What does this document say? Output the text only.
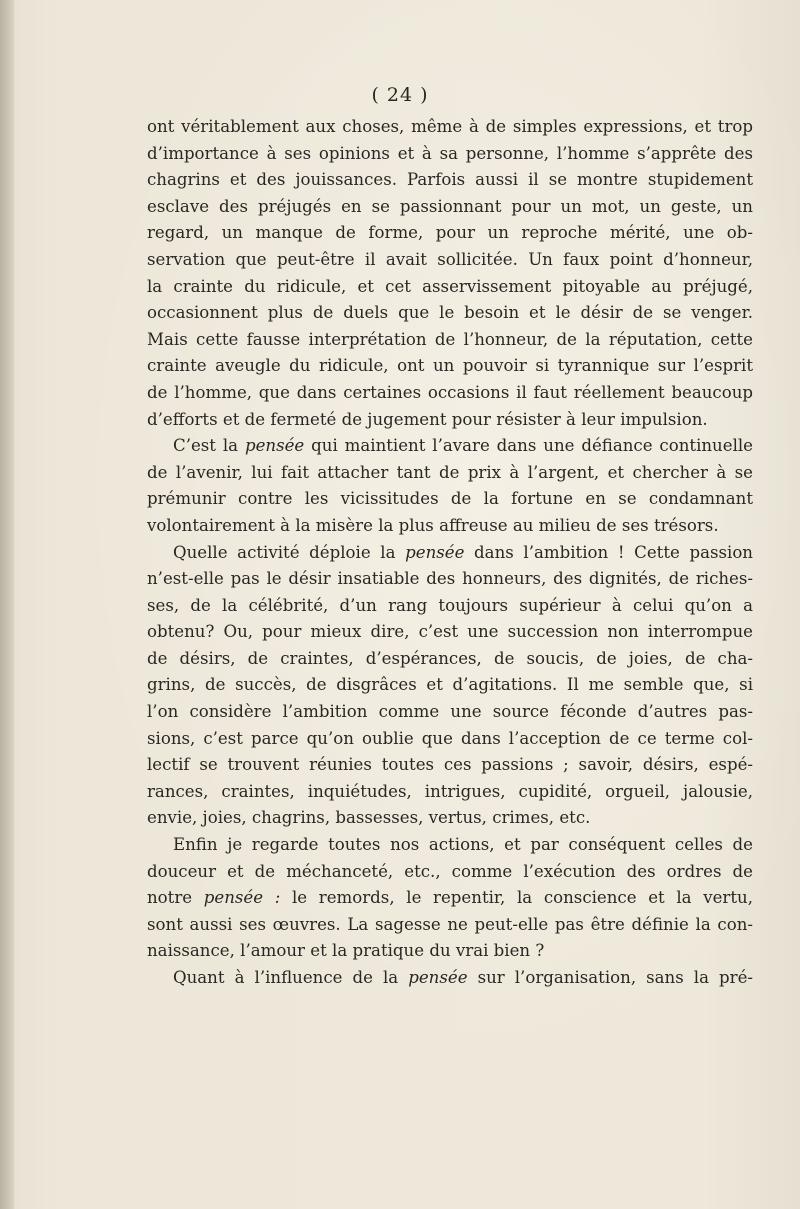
( 24 )
ont véritablement aux choses, même à de simples expressions, et trop
d’importance à ses opinions et à sa personne, l’homme s’apprête des
chagrins et des jouissances. Parfois aussi il se montre stupidement
esclave des préjugés en se passionnant pour un mot, un geste, un
regard, un manque de forme, pour un reproche mérité, une ob-
servation que peut-être il avait sollicitée. Un faux point d’honneur,
la crainte du ridicule, et cet asservissement pitoyable au préjugé,
occasionnent plus de duels que le besoin et le désir de se venger.
Mais cette fausse interprétation de l’honneur, de la réputation, cette
crainte aveugle du ridicule, ont un pouvoir si tyrannique sur l’esprit
de l’homme, que dans certaines occasions il faut réellement beaucoup
d’efforts et de fermeté de jugement pour résister à leur impulsion.
C’est la pensée qui maintient l’avare dans une défiance continuelle
de l’avenir, lui fait attacher tant de prix à l’argent, et chercher à se
prémunir contre les vicissitudes de la fortune en se condamnant
volontairement à la misère la plus affreuse au milieu de ses trésors.
Quelle activité déploie la pensée dans l’ambition ! Cette passion
n’est-elle pas le désir insatiable des honneurs, des dignités, de riches-
ses, de la célébrité, d’un rang toujours supérieur à celui qu’on a
obtenu? Ou, pour mieux dire, c’est une succession non interrompue
de désirs, de craintes, d’espérances, de soucis, de joies, de cha-
grins, de succès, de disgrâces et d’agitations. Il me semble que, si
l’on considère l’ambition comme une source féconde d’autres pas-
sions, c’est parce qu’on oublie que dans l’acception de ce terme col-
lectif se trouvent réunies toutes ces passions ; savoir, désirs, espé-
rances, craintes, inquiétudes, intrigues, cupidité, orgueil, jalousie,
envie, joies, chagrins, bassesses, vertus, crimes, etc.
Enfin je regarde toutes nos actions, et par conséquent celles de
douceur et de méchanceté, etc., comme l’exécution des ordres de
notre pensée : le remords, le repentir, la conscience et la vertu,
sont aussi ses œuvres. La sagesse ne peut-elle pas être définie la con-
naissance, l’amour et la pratique du vrai bien ?
Quant à l’influence de la pensée sur l’organisation, sans la pré-
